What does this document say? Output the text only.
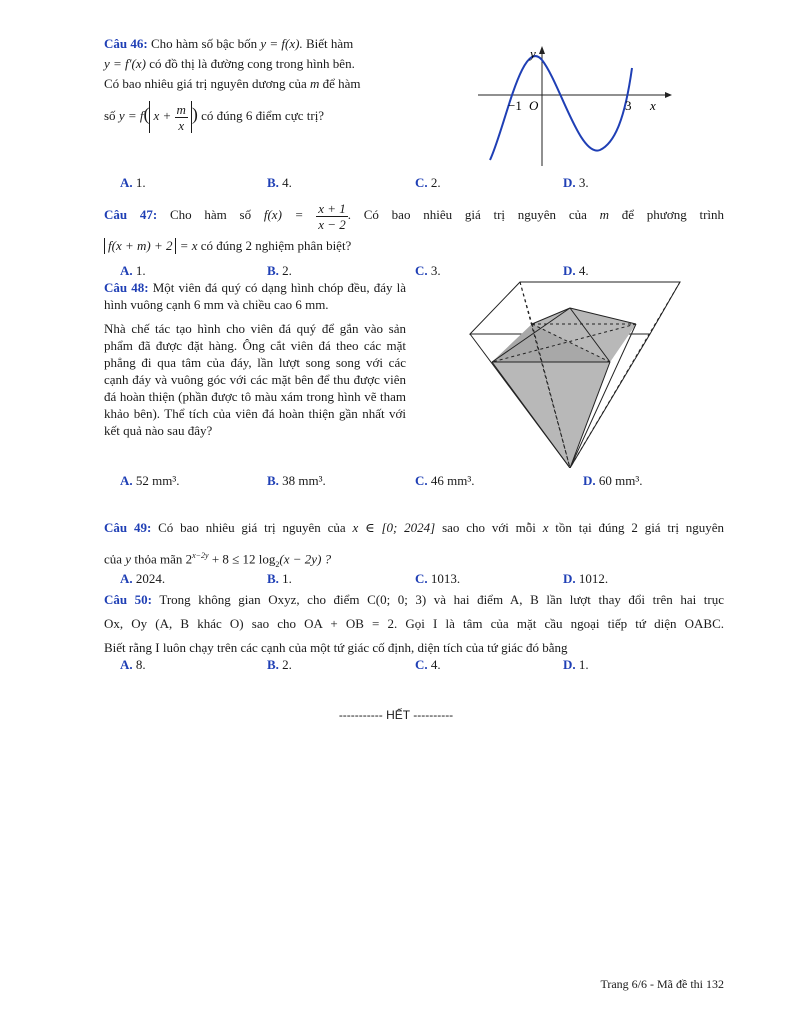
Câu 46: Cho hàm số bậc bốn y = f(x). Biết hàm
y = f′(x) có đồ thị là đường cong trong hình bên.
Có bao nhiêu giá trị nguyên dương của m để hàm
số y = f( $x + \frac{m}{x}$ ) có đúng 6 điểm cực trị?
y
x
O
−1	3
A. 1.	B. 4.	C. 2.	D. 3.
Câu 47: Cho hàm số $f(x) = \frac{x + 1}{x - 2}$ . Có bao nhiêu giá trị nguyên của m để phương trình
f(x + m) + 2 = x có đúng 2 nghiệm phân biệt?
A. 1.	B. 2.	C. 3.	D. 4.
Câu 48: Một viên đá quý có dạng hình chóp đều, đáy là hình vuông cạnh 6 mm và chiều cao 6 mm.
Nhà chế tác tạo hình cho viên đá quý để gắn vào sản phẩm đã được đặt hàng. Ông cắt viên đá theo các mặt phẳng đi qua tâm của đáy, lần lượt song song với các cạnh đáy và vuông góc với các mặt bên để thu được viên đá hoàn thiện (phần được tô màu xám trong hình vẽ tham khảo bên). Thể tích của viên đá hoàn thiện gần nhất với kết quả nào sau đây?
A. 52 mm³.	B. 38 mm³.	C. 46 mm³.	D. 60 mm³.
Câu 49: Có bao nhiêu giá trị nguyên của x ∈ [0; 2024] sao cho với mỗi x tồn tại đúng 2 giá trị nguyên
của y thỏa mãn $2^{x-2y} + 8 \le 12$ $\log_2(x - 2y)$ ?
A. 2024.	B. 1.	C. 1013.	D. 1012.
Câu 50: Trong không gian Oxyz, cho điểm C(0; 0; 3) và hai điểm A, B lần lượt thay đổi trên hai trục
Ox, Oy (A, B khác O) sao cho OA + OB = 2. Gọi I là tâm của mặt cầu ngoại tiếp tứ diện OABC.
Biết rằng I luôn chạy trên các cạnh của một tứ giác cố định, diện tích của tứ giác đó bằng
A. 8.	B. 2.	C. 4.	D. 1.
----------- HẾT ----------
Trang 6/6 - Mã đề thi 132
